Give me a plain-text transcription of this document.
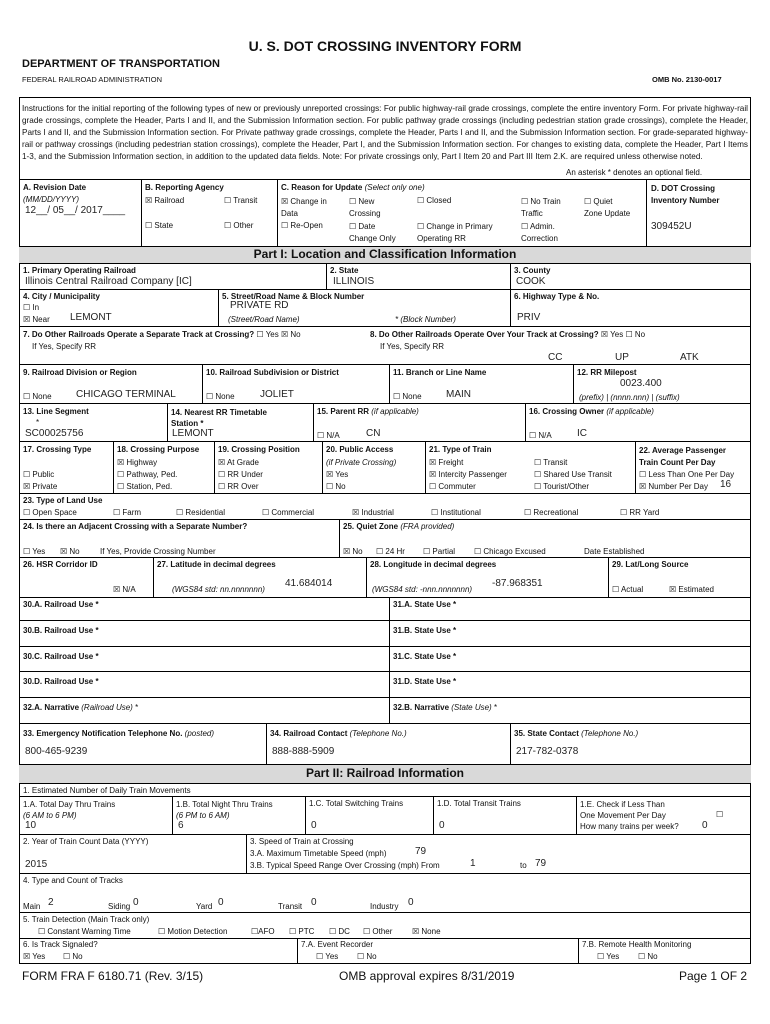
U. S. DOT CROSSING INVENTORY FORM
DEPARTMENT OF TRANSPORTATION
FEDERAL RAILROAD ADMINISTRATION	OMB No. 2130-0017
Instructions for the initial reporting of the following types of new or previously unreported crossings: For public highway-rail grade crossings, complete the entire inventory Form. For private highway-rail grade crossings, complete the Header, Parts I and II, and the Submission Information section. For public pathway grade crossings (including pedestrian station grade crossings), complete the Header, Parts I and II, and the Submission Information section. For Private pathway grade crossings, complete the Header, Parts I and II, and the Submission Information section. For grade-separated highway-rail or pathway crossings (including pedestrian station crossings), complete the Header, Part I, and the Submission Information section. For changes to existing data, complete the Header, Part I Items 1-3, and the Submission Information section, in addition to the updated data fields. Note: For private crossings only, Part I Item 20 and Part III Item 2.K. are required unless otherwise noted.
An asterisk * denotes an optional field.
A. Revision Date
(MM/DD/YYYY)
12__/ 05__/ 2017____
B. Reporting Agency
☒ Railroad	☐ Transit
☐ State	☐ Other
C. Reason for Update (Select only one)
☒ Change in
Data
☐ New
Crossing
☐ Closed	☐ No Train
Traffic
☐ Quiet
Zone Update
☐ Re-Open	☐ Date
Change Only
☐ Change in Primary
Operating RR
☐ Admin.
Correction
D. DOT Crossing
Inventory Number
309452U
Part I: Location and Classification Information
1. Primary Operating Railroad
Illinois Central Railroad Company [IC]
2. State
ILLINOIS
3. County
COOK
4. City / Municipality
☐ In
☒ Near LEMONT
5. Street/Road Name & Block Number
PRIVATE RD
(Street/Road Name)	* (Block Number)
6. Highway Type & No.
PRIV
7. Do Other Railroads Operate a Separate Track at Crossing? ☐ Yes ☒ No
If Yes, Specify RR
8. Do Other Railroads Operate Over Your Track at Crossing? ☒ Yes ☐ No
If Yes, Specify RR
CC	UP	ATK
9. Railroad Division or Region
☐ None CHICAGO TERMINAL
10. Railroad Subdivision or District
☐ None	JOLIET
11. Branch or Line Name
☐ None MAIN
12. RR Milepost
0023.400
(prefix) | (nnnn.nnn) | (suffix)
13. Line Segment
*
SC00025756
14. Nearest RR Timetable
Station *
LEMONT
15. Parent RR (if applicable)
☐ N/A	CN
16. Crossing Owner (if applicable)
☐ N/A	IC
17. Crossing Type
☐ Public
☒ Private
18. Crossing Purpose
☒ Highway
☐ Pathway, Ped.
☐ Station, Ped.
19. Crossing Position
☒ At Grade
☐ RR Under
☐ RR Over
20. Public Access
(if Private Crossing)
☒ Yes
☐ No
21. Type of Train
☒ Freight
☒ Intercity Passenger
☐ Commuter
☐ Transit
☐ Shared Use Transit
☐ Tourist/Other
22. Average Passenger
Train Count Per Day
☐ Less Than One Per Day
☒ Number Per Day 16
23. Type of Land Use
☐ Open Space	☐ Farm	☐ Residential	☐ Commercial	☒ Industrial	☐ Institutional	☐ Recreational	☐ RR Yard
24. Is there an Adjacent Crossing with a Separate Number?
☐ Yes ☒ No	If Yes, Provide Crossing Number
25. Quiet Zone (FRA provided)
☒ No ☐ 24 Hr ☐ Partial ☐ Chicago Excused	Date Established
26. HSR Corridor ID
☒ N/A
27. Latitude in decimal degrees
(WGS84 std: nn.nnnnnnn)
41.684014
28. Longitude in decimal degrees
(WGS84 std: -nnn.nnnnnnn)
-87.968351
29. Lat/Long Source
☐ Actual	☒ Estimated
30.A. Railroad Use *	31.A. State Use *
30.B. Railroad Use *	31.B. State Use *
30.C. Railroad Use *	31.C. State Use *
30.D. Railroad Use *	31.D. State Use *
32.A. Narrative (Railroad Use) *	32.B. Narrative (State Use) *
33. Emergency Notification Telephone No. (posted)
800-465-9239
34. Railroad Contact (Telephone No.)
888-888-5909
35. State Contact (Telephone No.)
217-782-0378
Part II: Railroad Information
1. Estimated Number of Daily Train Movements
1.A. Total Day Thru Trains
(6 AM to 6 PM)
10
1.B. Total Night Thru Trains
(6 PM to 6 AM)
6
1.C. Total Switching Trains
0
1.D. Total Transit Trains
0
1.E. Check if Less Than
One Movement Per Day
How many trains per week?
☐
0
2. Year of Train Count Data (YYYY)
2015
3. Speed of Train at Crossing
3.A. Maximum Timetable Speed (mph)	79
3.B. Typical Speed Range Over Crossing (mph) From	1	to 79
4. Type and Count of Tracks
Main 2	Siding 0	Yard 0	Transit 0	Industry 0
5. Train Detection (Main Track only)
☐ Constant Warning Time	☐ Motion Detection	☐AFO ☐ PTC ☐ DC ☐ Other ☒ None
6. Is Track Signaled?
☒ Yes ☐ No
7.A. Event Recorder
☐ Yes ☐ No
7.B. Remote Health Monitoring
☐ Yes ☐ No
FORM FRA F 6180.71 (Rev. 3/15)	OMB approval expires 8/31/2019	Page 1 OF 2
